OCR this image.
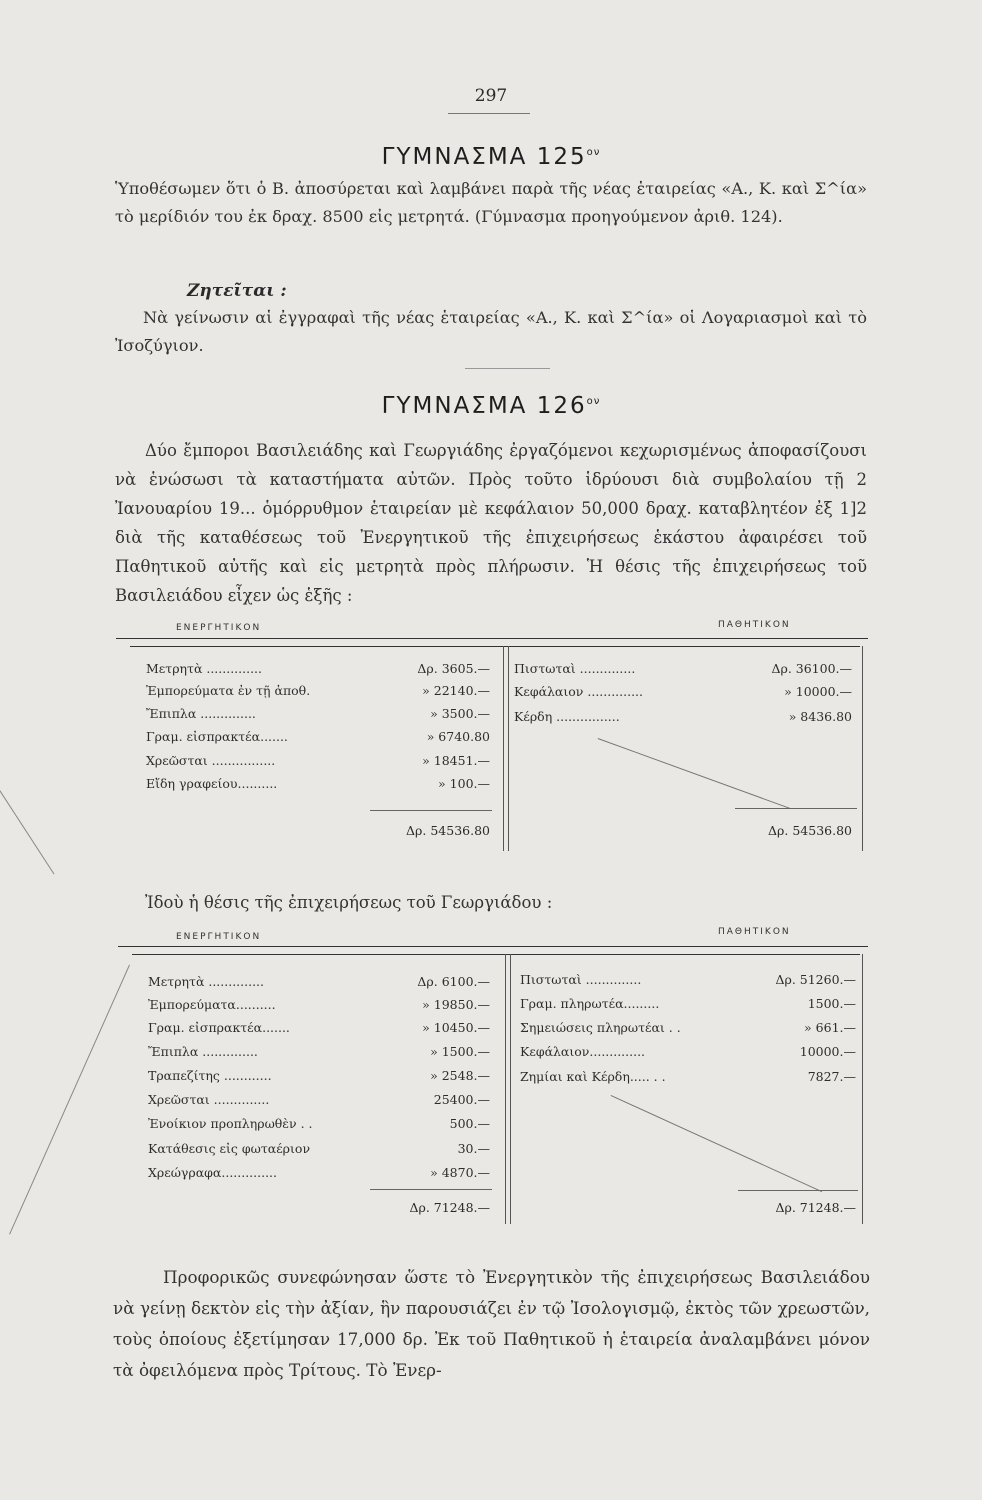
297
ΓΥΜΝΑΣΜΑ $125^{o\nu}$
Ὑποθέσωμεν ὅτι ὁ Β. ἀποσύρεται καὶ λαμβάνει παρὰ τῆς νέας ἑταιρείας «Α., Κ. καὶ Σ^ία» τὸ μερίδιόν του ἐκ δραχ. 8500 εἰς μετρητά. (Γύμνασμα προηγούμενον ἀριθ. 124).
Ζητεῖται :
Νὰ γείνωσιν αἱ ἐγγραφαὶ τῆς νέας ἑταιρείας «Α., Κ. καὶ Σ^ία» οἱ Λογαριασμοὶ καὶ τὸ Ἰσοζύγιον.
ΓΥΜΝΑΣΜΑ $126^{o\nu}$
Δύο ἔμποροι Βασιλειάδης καὶ Γεωργιάδης ἐργαζόμενοι κεχωρισμένως ἀποφασίζουσι νὰ ἑνώσωσι τὰ καταστήματα αὐτῶν. Πρὸς τοῦτο ἱδρύουσι διὰ συμβολαίου τῇ 2 Ἰανουαρίου 19... ὁμόρρυθμον ἑταιρείαν μὲ κεφάλαιον 50,000 δραχ. καταβλητέον ἐξ 1]2 διὰ τῆς καταθέσεως τοῦ Ἐνεργητικοῦ τῆς ἐπιχειρήσεως ἑκάστου ἀφαιρέσει τοῦ Παθητικοῦ αὐτῆς καὶ εἰς μετρητὰ πρὸς πλήρωσιν. Ἡ θέσις τῆς ἐπιχειρήσεως τοῦ Βασιλειάδου εἶχεν ὡς ἑξῆς :
ΕΝΕΡΓΗΤΙΚΟΝ	ΠΑΘΗΤΙΚΟΝ
Μετρητὰ ..............	Δρ. 3605.—
Ἐμπορεύματα ἐν τῇ ἀποθ.	» 22140.—
Ἔπιπλα ..............	» 3500.—
Γραμ. εἰσπρακτέα.......	» 6740.80
Χρεῶσται ................	» 18451.—
Εἴδη γραφείου..........	» 100.—
Δρ. 54536.80
Πιστωταὶ ..............	Δρ. 36100.—
Κεφάλαιον ..............	» 10000.—
Κέρδη ................	» 8436.80
Δρ. 54536.80
Ἰδοὺ ἡ θέσις τῆς ἐπιχειρήσεως τοῦ Γεωργιάδου :
ΕΝΕΡΓΗΤΙΚΟΝ	ΠΑΘΗΤΙΚΟΝ
Μετρητὰ ..............	Δρ. 6100.—
Ἐμπορεύματα..........	» 19850.—
Γραμ. εἰσπρακτέα.......	» 10450.—
Ἔπιπλα ..............	» 1500.—
Τραπεζίτης ............	» 2548.—
Χρεῶσται ..............	25400.—
Ἐνοίκιον προπληρωθὲν . .	500.—
Κατάθεσις εἰς φωταέριον	30.—
Χρεώγραφα..............	» 4870.—
Δρ. 71248.—
Πιστωταὶ ..............	Δρ. 51260.—
Γραμ. πληρωτέα.........	1500.—
Σημειώσεις πληρωτέαι . .	» 661.—
Κεφάλαιον..............	10000.—
Ζημίαι καὶ Κέρδη..... . .	7827.—
Δρ. 71248.—
Προφορικῶς συνεφώνησαν ὥστε τὸ Ἐνεργητικὸν τῆς ἐπιχειρήσεως Βασιλειάδου νὰ γείνῃ δεκτὸν εἰς τὴν ἀξίαν, ἣν παρουσιάζει ἐν τῷ Ἰσολογισμῷ, ἐκτὸς τῶν χρεωστῶν, τοὺς ὁποίους ἐξετίμησαν 17,000 δρ. Ἐκ τοῦ Παθητικοῦ ἡ ἑταιρεία ἀναλαμβάνει μόνον τὰ ὀφειλόμενα πρὸς Τρίτους. Τὸ Ἐνερ-
